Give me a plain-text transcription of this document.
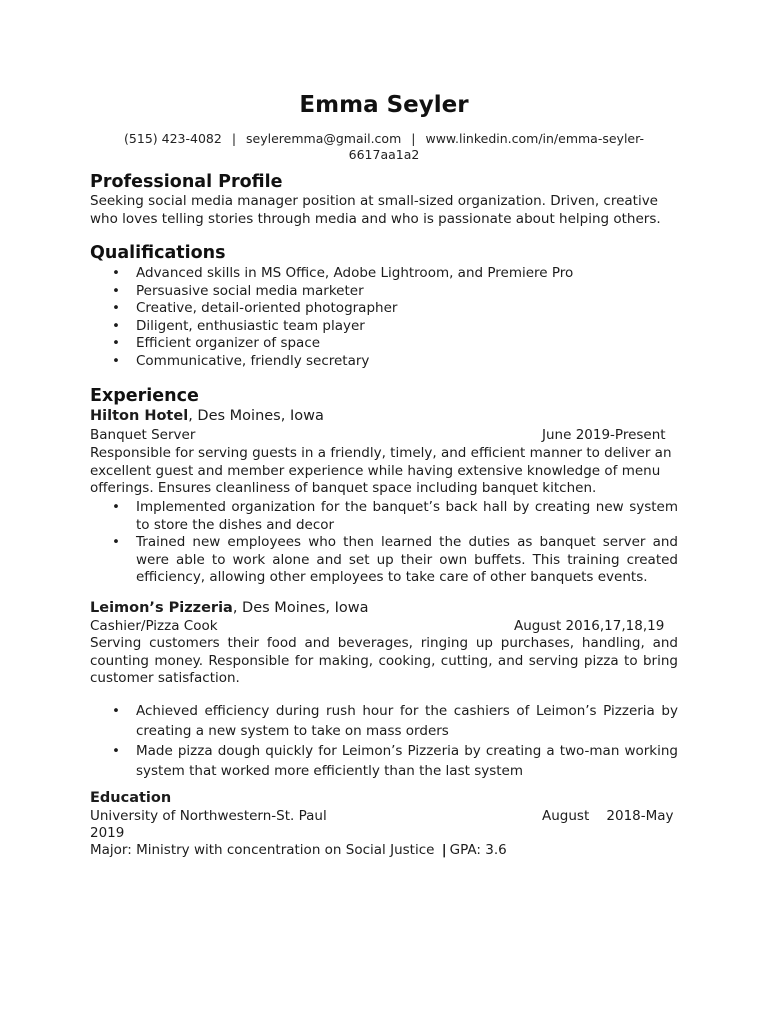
Emma Seyler
(515) 423-4082 | seyleremma@gmail.com | www.linkedin.com/in/emma-seyler-6617aa1a2
Professional Profile
Seeking social media manager position at small-sized organization. Driven, creative who loves telling stories through media and who is passionate about helping others.
Qualifications
• Advanced skills in MS Office, Adobe Lightroom, and Premiere Pro
• Persuasive social media marketer
• Creative, detail-oriented photographer
• Diligent, enthusiastic team player
• Efficient organizer of space
• Communicative, friendly secretary
Experience
Hilton Hotel, Des Moines, Iowa
Banquet Server	June 2019-Present
Responsible for serving guests in a friendly, timely, and efficient manner to deliver an excellent guest and member experience while having extensive knowledge of menu offerings. Ensures cleanliness of banquet space including banquet kitchen.
• Implemented organization for the banquet’s back hall by creating new system to store the dishes and decor
• Trained new employees who then learned the duties as banquet server and were able to work alone and set up their own buffets. This training created efficiency, allowing other employees to take care of other banquets events.
Leimon’s Pizzeria, Des Moines, Iowa
Cashier/Pizza Cook	August 2016,17,18,19
Serving customers their food and beverages, ringing up purchases, handling, and counting money. Responsible for making, cooking, cutting, and serving pizza to bring customer satisfaction.
• Achieved efficiency during rush hour for the cashiers of Leimon’s Pizzeria by creating a new system to take on mass orders
• Made pizza dough quickly for Leimon’s Pizzeria by creating a two-man working system that worked more efficiently than the last system
Education
University of Northwestern-St. Paul	August    2018-May
2019
Major: Ministry with concentration on Social Justice | GPA: 3.6
